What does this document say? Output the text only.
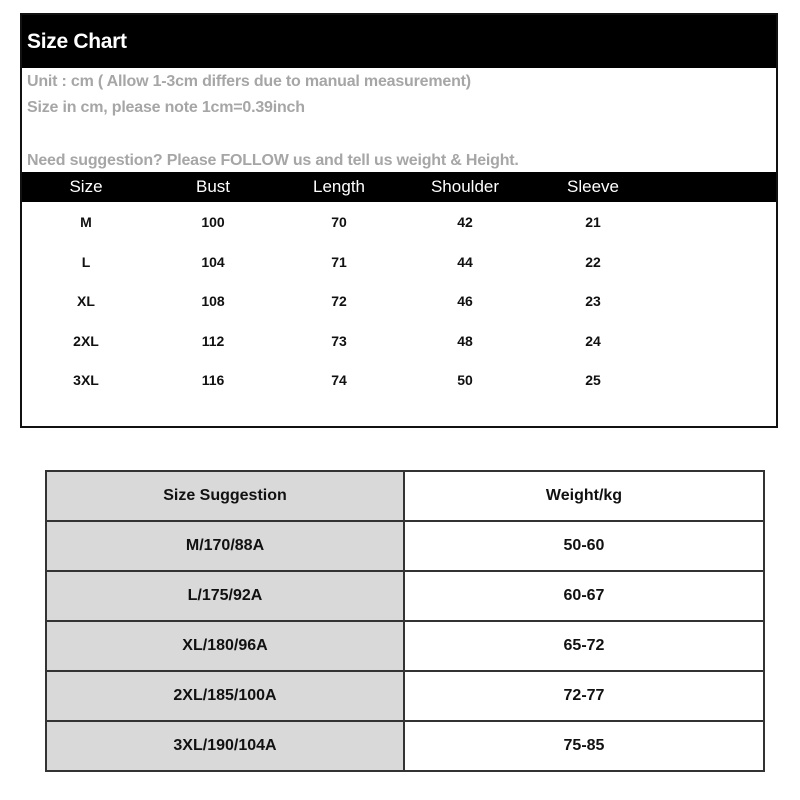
Size Chart
Unit : cm ( Allow 1-3cm differs due to manual measurement)
Size in cm, please note 1cm=0.39inch
Need suggestion? Please FOLLOW us and tell us weight & Height.
Size	Bust	Length	Shoulder	Sleeve
M	100	70	42	21
L	104	71	44	22
XL	108	72	46	23
2XL	112	73	48	24
3XL	116	74	50	25
Size Suggestion	Weight/kg
M/170/88A	50-60
L/175/92A	60-67
XL/180/96A	65-72
2XL/185/100A	72-77
3XL/190/104A	75-85
